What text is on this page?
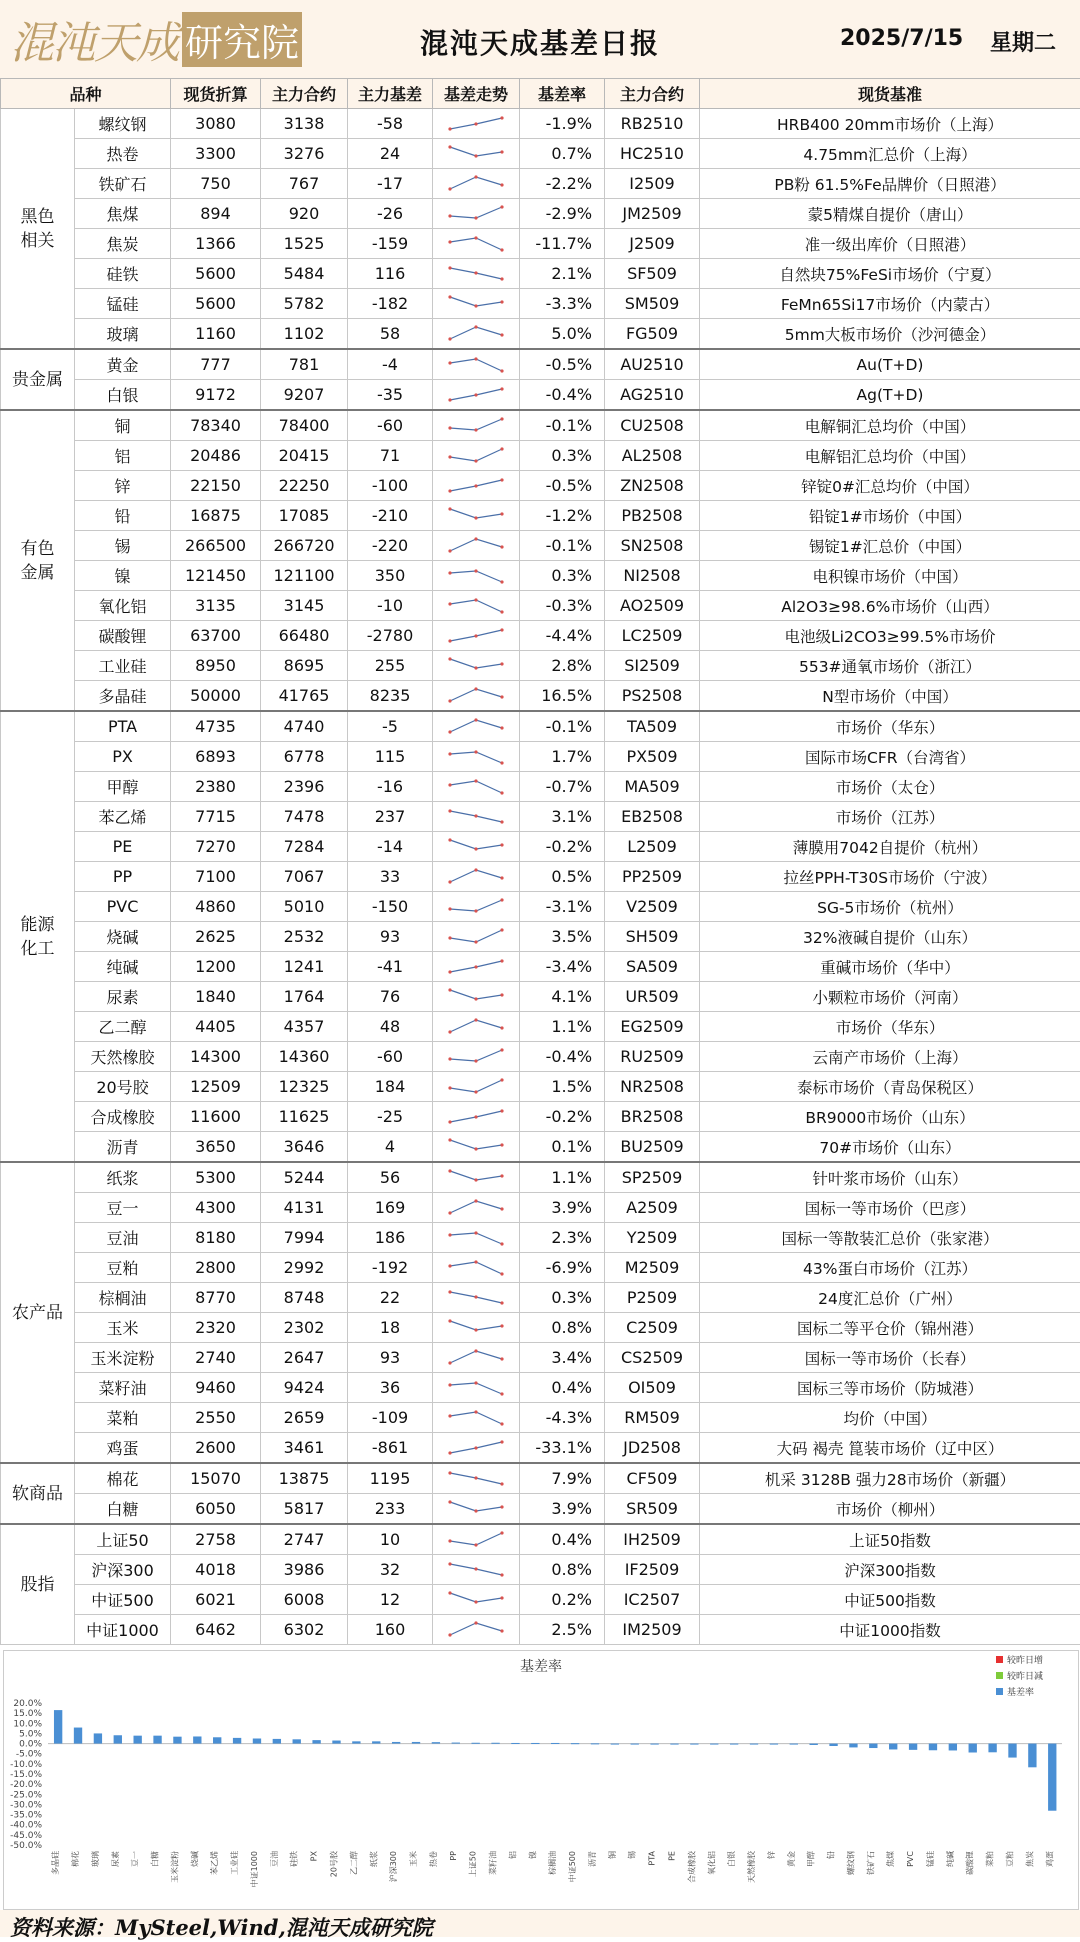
混沌天成 研究院	混沌天成基差日报	2025/7/15 星期二
品种		现货折算	主力合约	主力基差	基差走势	基差率	主力合约	现货基准
黑色
相关	螺纹钢	3080	3138	-58		-1.9%	RB2510	HRB400 20mm市场价（上海）
	热卷	3300	3276	24		0.7%	HC2510	4.75mm汇总价（上海）
	铁矿石	750	767	-17		-2.2%	I2509	PB粉 61.5%Fe品牌价（日照港）
	焦煤	894	920	-26		-2.9%	JM2509	蒙5精煤自提价（唐山）
	焦炭	1366	1525	-159		-11.7%	J2509	准一级出库价（日照港）
	硅铁	5600	5484	116		2.1%	SF509	自然块75%FeSi市场价（宁夏）
	锰硅	5600	5782	-182		-3.3%	SM509	FeMn65Si17市场价（内蒙古）
	玻璃	1160	1102	58		5.0%	FG509	5mm大板市场价（沙河德金）
贵金属	黄金	777	781	-4		-0.5%	AU2510	Au(T+D)
	白银	9172	9207	-35		-0.4%	AG2510	Ag(T+D)
有色
金属	铜	78340	78400	-60		-0.1%	CU2508	电解铜汇总均价（中国）
	铝	20486	20415	71		0.3%	AL2508	电解铝汇总均价（中国）
	锌	22150	22250	-100		-0.5%	ZN2508	锌锭0#汇总均价（中国）
	铅	16875	17085	-210		-1.2%	PB2508	铅锭1#市场价（中国）
	锡	266500	266720	-220		-0.1%	SN2508	锡锭1#汇总价（中国）
	镍	121450	121100	350		0.3%	NI2508	电积镍市场价（中国）
	氧化铝	3135	3145	-10		-0.3%	AO2509	Al2O3≥98.6%市场价（山西）
	碳酸锂	63700	66480	-2780		-4.4%	LC2509	电池级Li2CO3≥99.5%市场价
	工业硅	8950	8695	255		2.8%	SI2509	553#通氧市场价（浙江）
	多晶硅	50000	41765	8235		16.5%	PS2508	N型市场价（中国）
能源
化工	PTA	4735	4740	-5		-0.1%	TA509	市场价（华东）
	PX	6893	6778	115		1.7%	PX509	国际市场CFR（台湾省）
	甲醇	2380	2396	-16		-0.7%	MA509	市场价（太仓）
	苯乙烯	7715	7478	237		3.1%	EB2508	市场价（江苏）
	PE	7270	7284	-14		-0.2%	L2509	薄膜用7042自提价（杭州）
	PP	7100	7067	33		0.5%	PP2509	拉丝PPH-T30S市场价（宁波）
	PVC	4860	5010	-150		-3.1%	V2509	SG-5市场价（杭州）
	烧碱	2625	2532	93		3.5%	SH509	32%液碱自提价（山东）
	纯碱	1200	1241	-41		-3.4%	SA509	重碱市场价（华中）
	尿素	1840	1764	76		4.1%	UR509	小颗粒市场价（河南）
	乙二醇	4405	4357	48		1.1%	EG2509	市场价（华东）
	天然橡胶	14300	14360	-60		-0.4%	RU2509	云南产市场价（上海）
	20号胶	12509	12325	184		1.5%	NR2508	泰标市场价（青岛保税区）
	合成橡胶	11600	11625	-25		-0.2%	BR2508	BR9000市场价（山东）
	沥青	3650	3646	4		0.1%	BU2509	70#市场价（山东）
农产品	纸浆	5300	5244	56		1.1%	SP2509	针叶浆市场价（山东）
	豆一	4300	4131	169		3.9%	A2509	国标一等市场价（巴彦）
	豆油	8180	7994	186		2.3%	Y2509	国标一等散装汇总价（张家港）
	豆粕	2800	2992	-192		-6.9%	M2509	43%蛋白市场价（江苏）
	棕榈油	8770	8748	22		0.3%	P2509	24度汇总价（广州）
	玉米	2320	2302	18		0.8%	C2509	国标二等平仓价（锦州港）
	玉米淀粉	2740	2647	93		3.4%	CS2509	国标一等市场价（长春）
	菜籽油	9460	9424	36		0.4%	OI509	国标三等市场价（防城港）
	菜粕	2550	2659	-109		-4.3%	RM509	均价（中国）
	鸡蛋	2600	3461	-861		-33.1%	JD2508	大码 褐壳 箟装市场价（辽中区）
软商品	棉花	15070	13875	1195		7.9%	CF509	机采 3128B 强力28市场价（新疆）
	白糖	6050	5817	233		3.9%	SR509	市场价（柳州）
股指	上证50	2758	2747	10		0.4%	IH2509	上证50指数
	沪深300	4018	3986	32		0.8%	IF2509	沪深300指数
	中证500	6021	6008	12		0.2%	IC2507	中证500指数
	中证1000	6462	6302	160		2.5%	IM2509	中证1000指数
基差率	较昨日增
较昨日减
基差率
20.0%
15.0%
10.0%
5.0%
0.0%
-5.0%
-10.0%
-15.0%
-20.0%
-25.0%
-30.0%
-35.0%
-40.0%
-45.0%
-50.0%
多晶硅 棉花 玻璃 尿素 豆一 白糖 玉米淀粉 烧碱 苯乙烯 工业硅 中证1000 豆油 硅铁 PX 20号胶 乙二醇 纸浆 沪深300 玉米 热卷 PP 上证50 菜籽油 铝 镍 棕榈油 中证500 沥青 铜 锡 PTA PE 合成橡胶 氧化铝 白银 天然橡胶 锌 黄金 甲醇 铅 螺纹钢 铁矿石 焦煤 PVC 锰硅 纯碱 碳酸锂 菜粕 豆粕 焦炭 鸡蛋
资料来源：MySteel,Wind,混沌天成研究院
